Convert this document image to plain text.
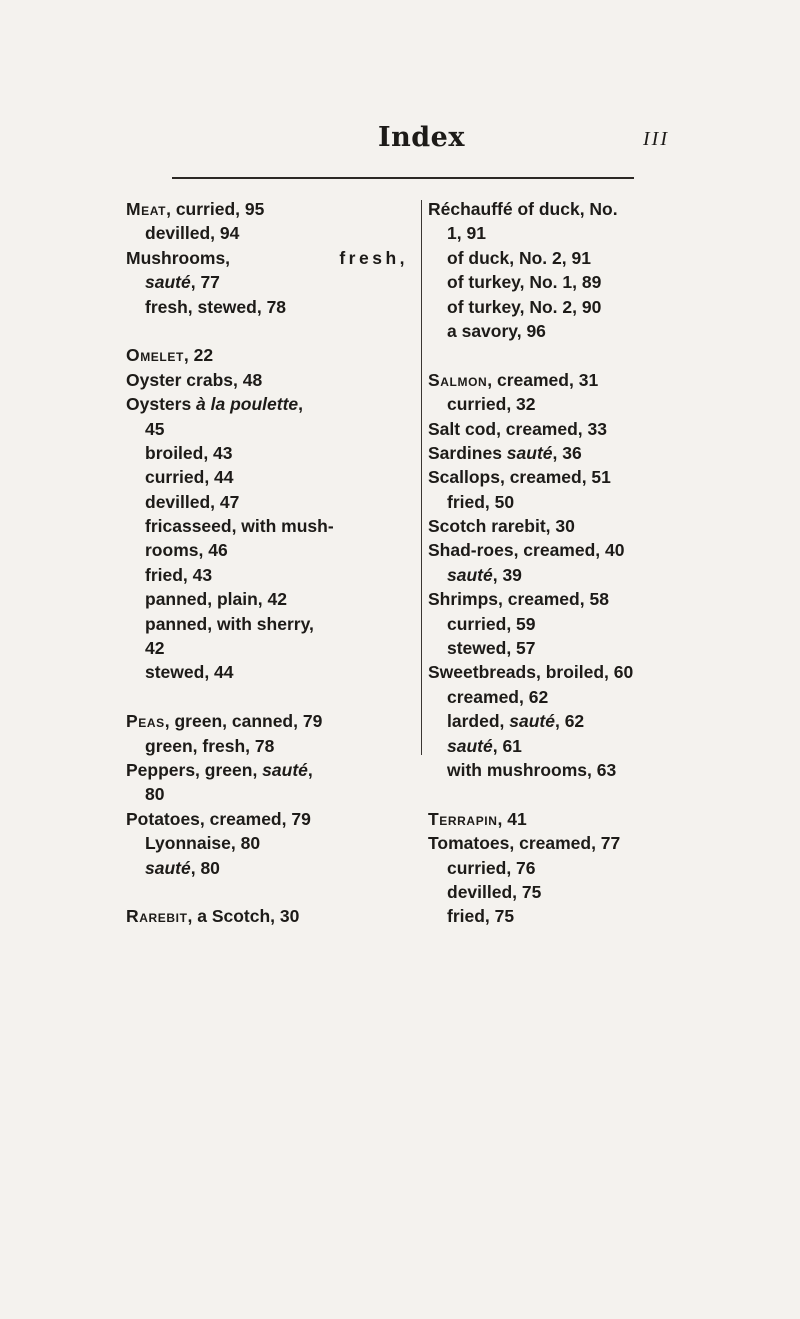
Index	III
Meat, curried, 95
devilled, 94
Mushrooms,	fresh,
sauté, 77
fresh, stewed, 78
Omelet, 22
Oyster crabs, 48
Oysters à la poulette,
45
broiled, 43
curried, 44
devilled, 47
fricasseed, with mush-
rooms, 46
fried, 43
panned, plain, 42
panned, with sherry,
42
stewed, 44
Peas, green, canned, 79
green, fresh, 78
Peppers, green, sauté,
80
Potatoes, creamed, 79
Lyonnaise, 80
sauté, 80
Rarebit, a Scotch, 30
Réchauffé of duck, No.
1, 91
of duck, No. 2, 91
of turkey, No. 1, 89
of turkey, No. 2, 90
a savory, 96
Salmon, creamed, 31
curried, 32
Salt cod, creamed, 33
Sardines sauté, 36
Scallops, creamed, 51
fried, 50
Scotch rarebit, 30
Shad-roes, creamed, 40
sauté, 39
Shrimps, creamed, 58
curried, 59
stewed, 57
Sweetbreads, broiled, 60
creamed, 62
larded, sauté, 62
sauté, 61
with mushrooms, 63
Terrapin, 41
Tomatoes, creamed, 77
curried, 76
devilled, 75
fried, 75
